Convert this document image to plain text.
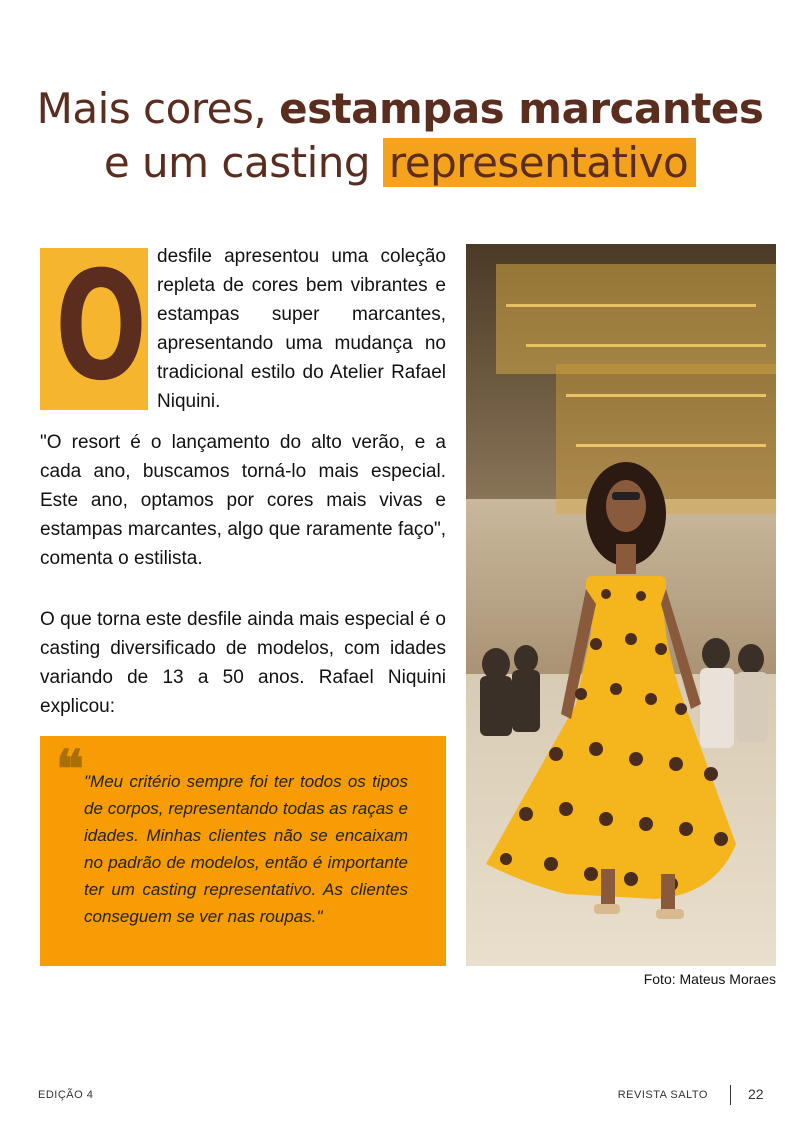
Mais cores, estampas marcantes
e um casting representativo
O desfile apresentou uma coleção repleta de cores bem vibrantes e estampas super marcantes, apresentando uma mudança no tradicional estilo do Atelier Rafael Niquini.
"O resort é o lançamento do alto verão, e a cada ano, buscamos torná-lo mais especial. Este ano, optamos por cores mais vivas e estampas marcantes, algo que raramente faço", comenta o estilista.
O que torna este desfile ainda mais especial é o casting diversificado de modelos, com idades variando de 13 a 50 anos. Rafael Niquini explicou:
❝ "Meu critério sempre foi ter todos os tipos de corpos, representando todas as raças e idades. Minhas clientes não se encaixam no padrão de modelos, então é importante ter um casting representativo. As clientes conseguem se ver nas roupas."
Foto: Mateus Moraes
EDIÇÃO 4	REVISTA SALTO	22
